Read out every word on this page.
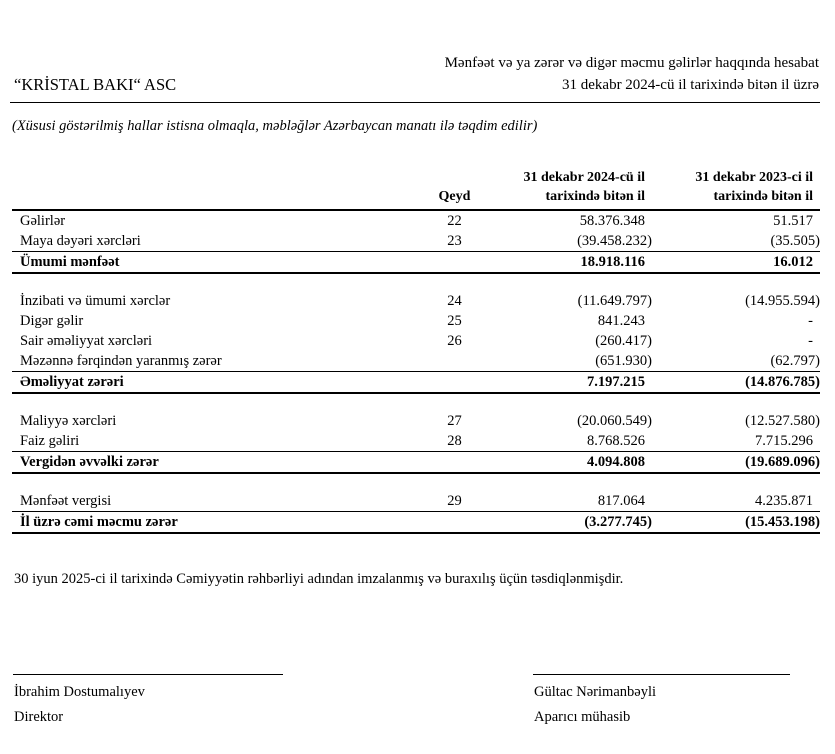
“KRİSTAL BAKI“ ASC
Mənfəət və ya zərər və digər məcmu gəlirlər haqqında hesabat
31 dekabr 2024-cü il tarixində bitən il üzrə
(Xüsusi göstərilmiş hallar istisna olmaqla, məbləğlər Azərbaycan manatı ilə təqdim edilir)
	Qeyd	
31 dekabr 2024-cü il
tarixində bitən il

31 dekabr 2023-ci il
tarixində bitən il

Gəlirlər	22	58.376.348	51.517
Maya dəyəri xərcləri	23	(39.458.232)	(35.505)
Ümumi mənfəət		18.918.116	16.012

İnzibati və ümumi xərclər	24	(11.649.797)	(14.955.594)
Digər gəlir	25	841.243	-
Sair əməliyyat xərcləri	26	(260.417)	-
Məzənnə fərqindən yaranmış zərər		(651.930)	(62.797)
Əməliyyat zərəri		7.197.215	(14.876.785)

Maliyyə xərcləri	27	(20.060.549)	(12.527.580)
Faiz gəliri	28	8.768.526	7.715.296
Vergidən əvvəlki zərər		4.094.808	(19.689.096)

Mənfəət vergisi	29	817.064	4.235.871
İl üzrə cəmi məcmu zərər		(3.277.745)	(15.453.198)
30 iyun 2025-ci il tarixində Cəmiyyətin rəhbərliyi adından imzalanmış və buraxılış üçün təsdiqlənmişdir.
İbrahim Dostumalıyev
Direktor
Gültac Nərimanbəyli
Aparıcı mühasib
